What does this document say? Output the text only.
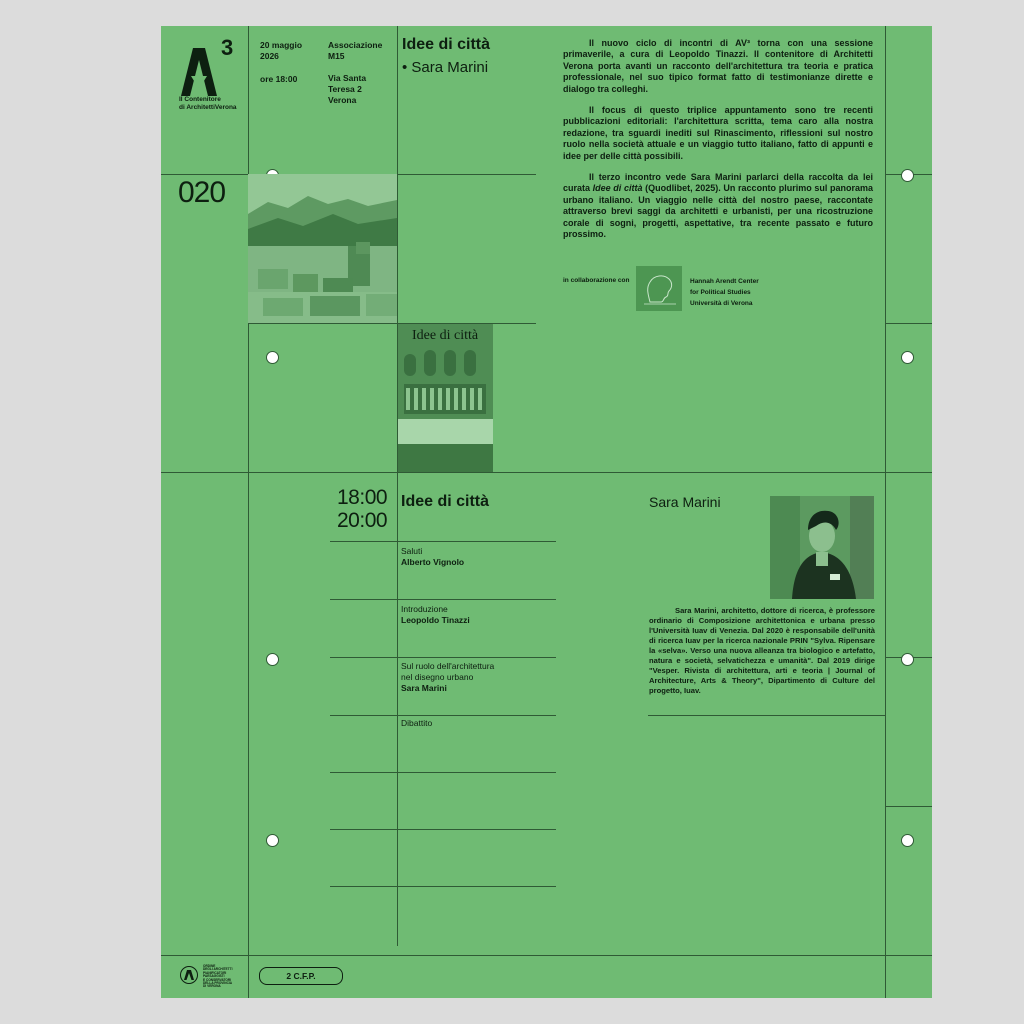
3
Il Contenitore
di ArchitettiVerona
20 maggio
2026
ore 18:00
Associazione
M15
Via Santa
Teresa 2
Verona
Idee di città
• Sara Marini

Il nuovo ciclo di incontri di AV³ torna con una sessione primaverile, a cura di Leopoldo Tinazzi. Il contenitore di Architetti Verona porta avanti un racconto dell'architettura tra teoria e pratica professionale, nel suo tipico format fatto di testimonianze dirette e dialogo tra colleghi.

Il focus di questo triplice appuntamento sono tre recenti pubblicazioni editoriali: l'architettura scritta, tema caro alla nostra redazione, tra sguardi inediti sul Rinascimento, riflessioni sul nostro ruolo nella società attuale e un viaggio tutto italiano, fatto di appunti e idee per delle città possibili.

Il terzo incontro vede Sara Marini parlarci della raccolta da lei curata Idee di città (Quodlibet, 2025). Un racconto plurimo sul panorama urbano italiano. Un viaggio nelle città del nostro paese, raccontate attraverso brevi saggi da architetti e urbanisti, per una ricostruzione corale di sogni, progetti, aspettative, tra recente passato e futuro prossimo.

in collaborazione con	Hannah Arendt Center
for Political Studies
Università di Verona
020
Idee di città
18:00
20:00
Idee di città
Saluti
Alberto Vignolo
Introduzione
Leopoldo Tinazzi
Sul ruolo dell'architettura
nel disegno urbano
Sara Marini
Dibattito
Sara Marini

Sara Marini, architetto, dottore di ricerca, è professore ordinario di Composizione architettonica e urbana presso l'Università Iuav di Venezia. Dal 2020 è responsabile dell'unità di ricerca Iuav per la ricerca nazionale PRIN "Sylva. Ripensare la «selva». Verso una nuova alleanza tra biologico e artefatto, natura e società, selvatichezza e umanità". Dal 2019 dirige "Vesper. Rivista di architettura, arti e teoria | Journal of Architecture, Arts & Theory", Dipartimento di Culture del progetto, Iuav.

ORDINE
DEGLI ARCHITETTI
PIANIFICATORI
PAESAGGISTI
E CONSERVATORI
DELLA PROVINCIA
DI VERONA
2 C.F.P.
